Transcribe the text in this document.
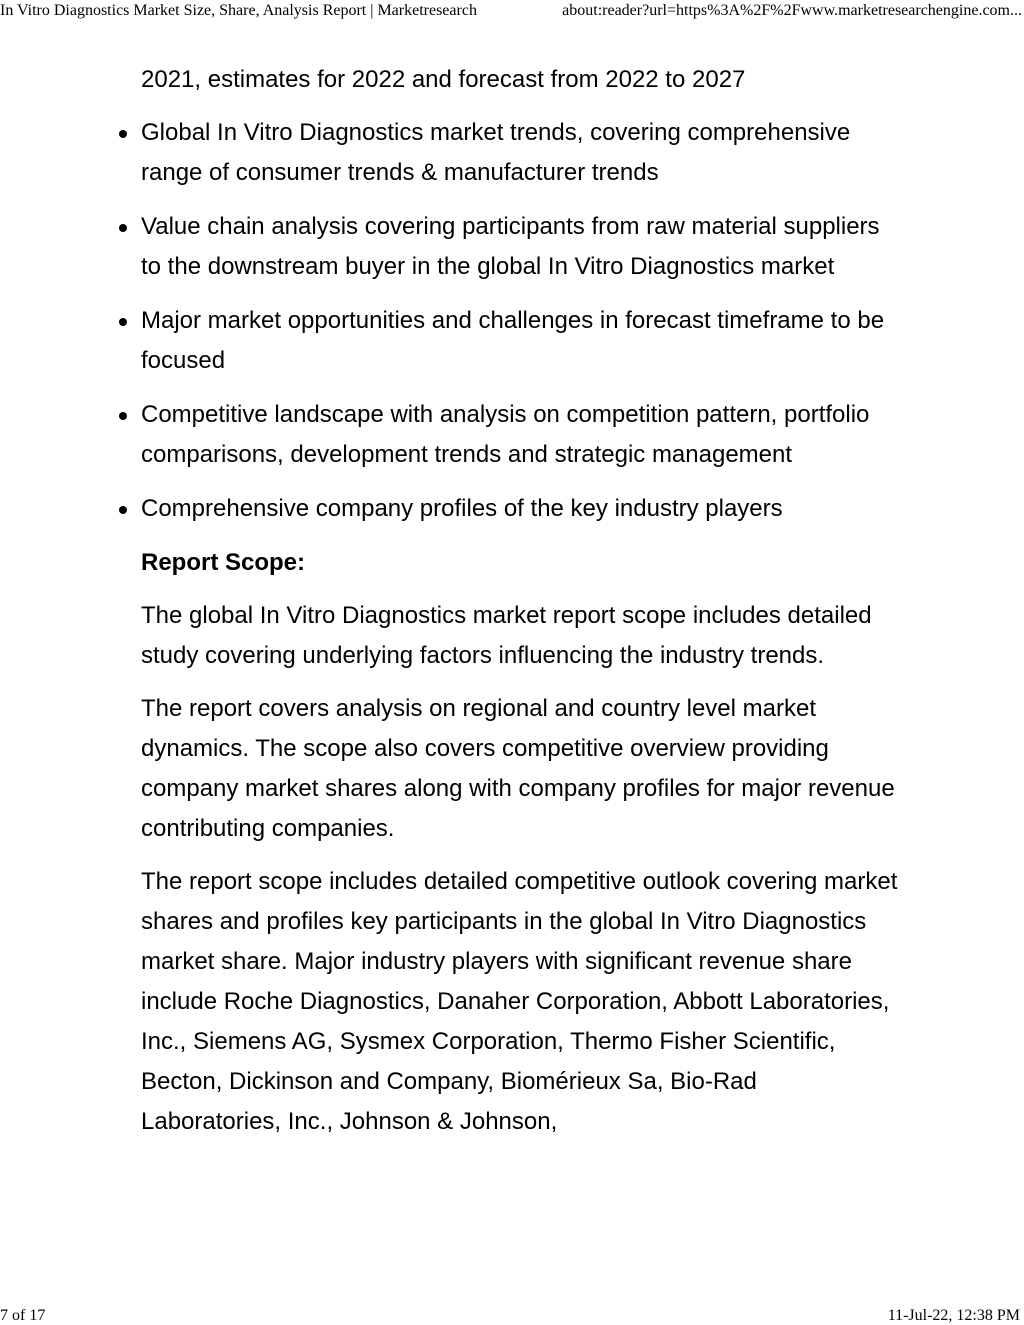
In Vitro Diagnostics Market Size, Share, Analysis Report | Marketresearch	about:reader?url=https%3A%2F%2Fwww.marketresearchengine.com...

2021, estimates for 2022 and forecast from 2022 to 2027

Global In Vitro Diagnostics market trends, covering comprehensive range of consumer trends & manufacturer trends
Value chain analysis covering participants from raw material suppliers to the downstream buyer in the global In Vitro Diagnostics market
Major market opportunities and challenges in forecast timeframe to be focused
Competitive landscape with analysis on competition pattern, portfolio comparisons, development trends and strategic management
Comprehensive company profiles of the key industry players
Report Scope:

The global In Vitro Diagnostics market report scope includes detailed study covering underlying factors influencing the industry trends.

The report covers analysis on regional and country level market dynamics. The scope also covers competitive overview providing company market shares along with company profiles for major revenue contributing companies.

The report scope includes detailed competitive outlook covering market shares and profiles key participants in the global In Vitro Diagnostics market share. Major industry players with significant revenue share include Roche Diagnostics, Danaher Corporation, Abbott Laboratories, Inc., Siemens AG, Sysmex Corporation, Thermo Fisher Scientific, Becton, Dickinson and Company, Biomérieux Sa, Bio-Rad Laboratories, Inc., Johnson & Johnson,

7 of 17	11-Jul-22, 12:38 PM
